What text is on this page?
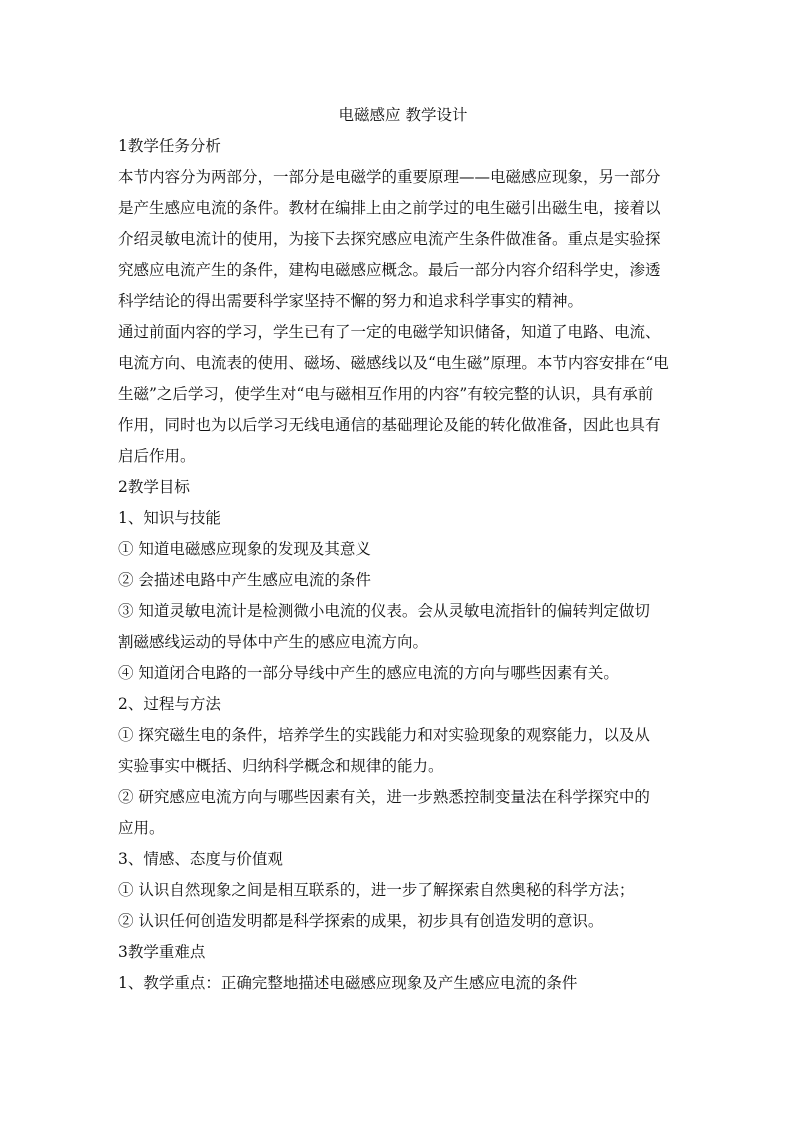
电磁感应 教学设计

1教学任务分析

本节内容分为两部分，一部分是电磁学的重要原理——电磁感应现象，另一部分

是产生感应电流的条件。教材在编排上由之前学过的电生磁引出磁生电，接着以

介绍灵敏电流计的使用，为接下去探究感应电流产生条件做准备。重点是实验探

究感应电流产生的条件，建构电磁感应概念。最后一部分内容介绍科学史，渗透

科学结论的得出需要科学家坚持不懈的努力和追求科学事实的精神。

通过前面内容的学习，学生已有了一定的电磁学知识储备，知道了电路、电流、

电流方向、电流表的使用、磁场、磁感线以及“电生磁”原理。本节内容安排在“电

生磁”之后学习，使学生对“电与磁相互作用的内容”有较完整的认识，具有承前

作用，同时也为以后学习无线电通信的基础理论及能的转化做准备，因此也具有

启后作用。

2教学目标

1、知识与技能

① 知道电磁感应现象的发现及其意义

② 会描述电路中产生感应电流的条件

③ 知道灵敏电流计是检测微小电流的仪表。会从灵敏电流指针的偏转判定做切

割磁感线运动的导体中产生的感应电流方向。

④ 知道闭合电路的一部分导线中产生的感应电流的方向与哪些因素有关。

2、过程与方法

① 探究磁生电的条件，培养学生的实践能力和对实验现象的观察能力，以及从

实验事实中概括、归纳科学概念和规律的能力。

② 研究感应电流方向与哪些因素有关，进一步熟悉控制变量法在科学探究中的

应用。

3、情感、态度与价值观

① 认识自然现象之间是相互联系的，进一步了解探索自然奥秘的科学方法；

② 认识任何创造发明都是科学探索的成果，初步具有创造发明的意识。

3教学重难点

1、教学重点：正确完整地描述电磁感应现象及产生感应电流的条件
